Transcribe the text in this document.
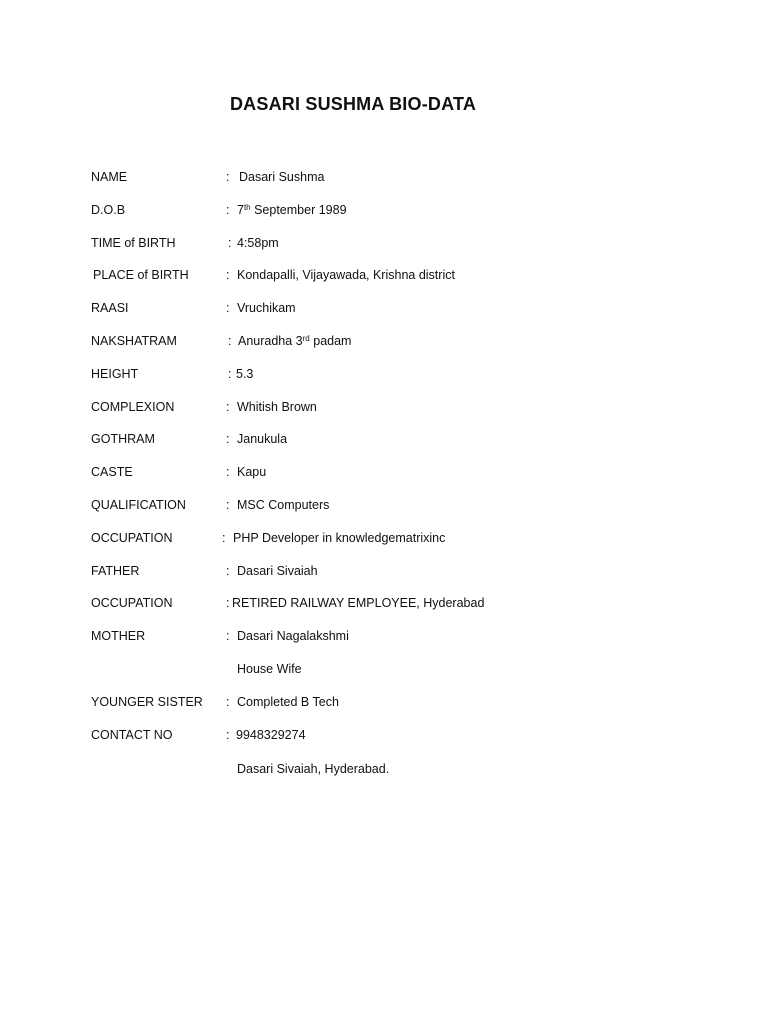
DASARI SUSHMA BIO-DATA
NAME	: Dasari Sushma
D.O.B	: 7th September 1989
TIME of BIRTH	: 4:58pm
PLACE of BIRTH	: Kondapalli, Vijayawada, Krishna district
RAASI	: Vruchikam
NAKSHATRAM	: Anuradha 3rd padam
HEIGHT	: 5.3
COMPLEXION	: Whitish Brown
GOTHRAM	: Janukula
CASTE	: Kapu
QUALIFICATION	: MSC Computers
OCCUPATION	: PHP Developer in knowledgematrixinc
FATHER	: Dasari Sivaiah
OCCUPATION	: RETIRED RAILWAY EMPLOYEE, Hyderabad
MOTHER	: Dasari Nagalakshmi
House Wife
YOUNGER SISTER : Completed B Tech
CONTACT NO	: 9948329274
Dasari Sivaiah, Hyderabad.
